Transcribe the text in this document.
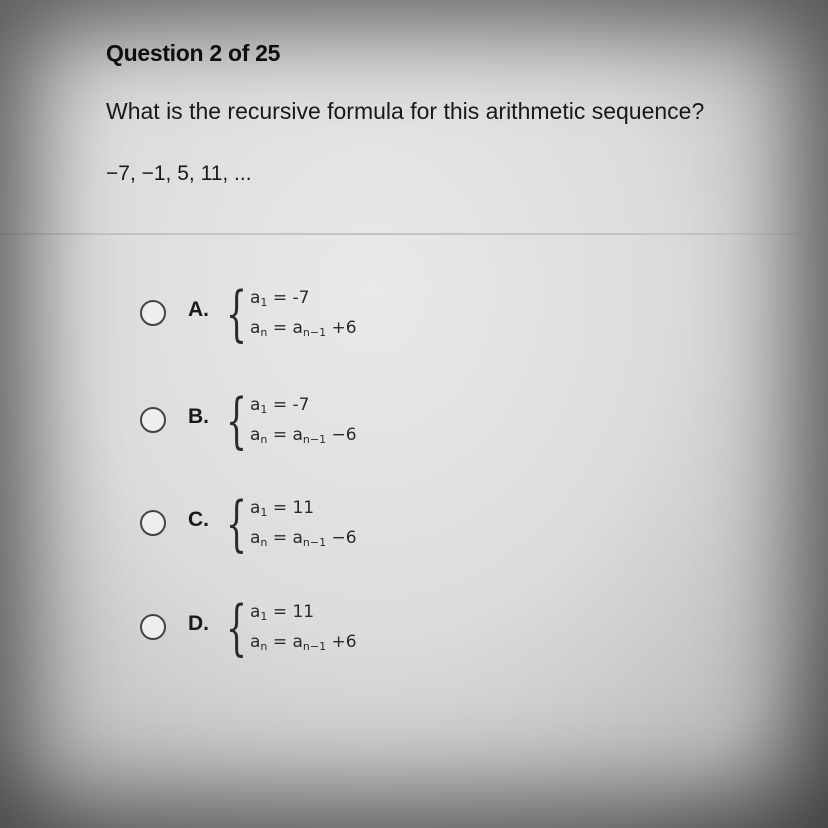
Question 2 of 25
What is the recursive formula for this arithmetic sequence?
−7, −1, 5, 11, ...
A. { $a_1 = -7$
$a_n = a_{n-1} +6$
B. { $a_1 = -7$
$a_n = a_{n-1} -6$
C. { $a_1 = 11$
$a_n = a_{n-1} -6$
D. { $a_1 = 11$
$a_n = a_{n-1} +6$
